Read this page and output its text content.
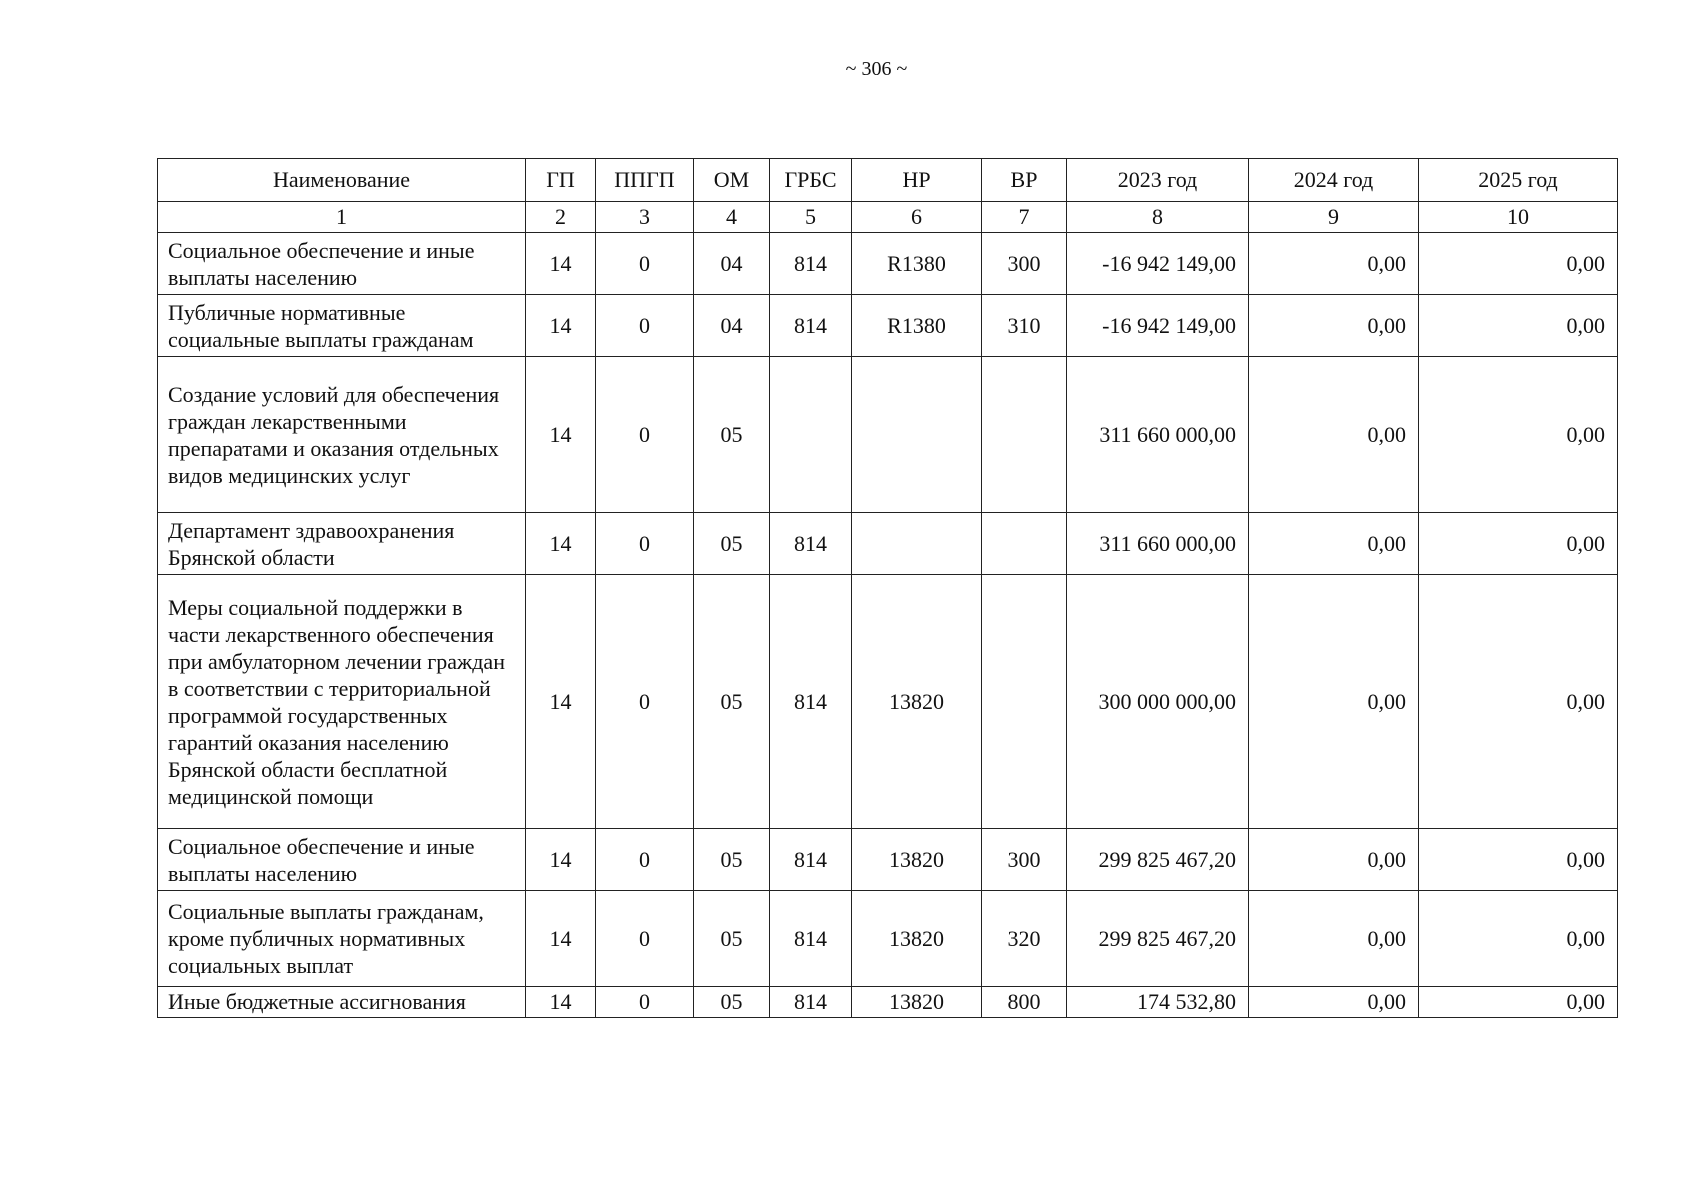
~ 306 ~
Наименование	ГП	ППГП	ОМ	ГРБС	НР	ВР	2023 год	2024 год	2025 год
1	2	3	4	5	6	7	8	9	10
Социальное обеспечение и иные выплаты населению	14	0	04	814	R1380	300	-16 942 149,00	0,00	0,00
Публичные нормативные социальные выплаты гражданам	14	0	04	814	R1380	310	-16 942 149,00	0,00	0,00
Создание условий для обеспечения граждан лекарственными препаратами и оказания отдельных видов медицинских услуг	14	0	05				311 660 000,00	0,00	0,00
Департамент здравоохранения Брянской области	14	0	05	814			311 660 000,00	0,00	0,00
Меры социальной поддержки в части лекарственного обеспечения при амбулаторном лечении граждан в соответствии с территориальной программой государственных гарантий оказания населению Брянской области бесплатной медицинской помощи	14	0	05	814	13820		300 000 000,00	0,00	0,00
Социальное обеспечение и иные выплаты населению	14	0	05	814	13820	300	299 825 467,20	0,00	0,00
Социальные выплаты гражданам, кроме публичных нормативных социальных выплат	14	0	05	814	13820	320	299 825 467,20	0,00	0,00
Иные бюджетные ассигнования	14	0	05	814	13820	800	174 532,80	0,00	0,00
